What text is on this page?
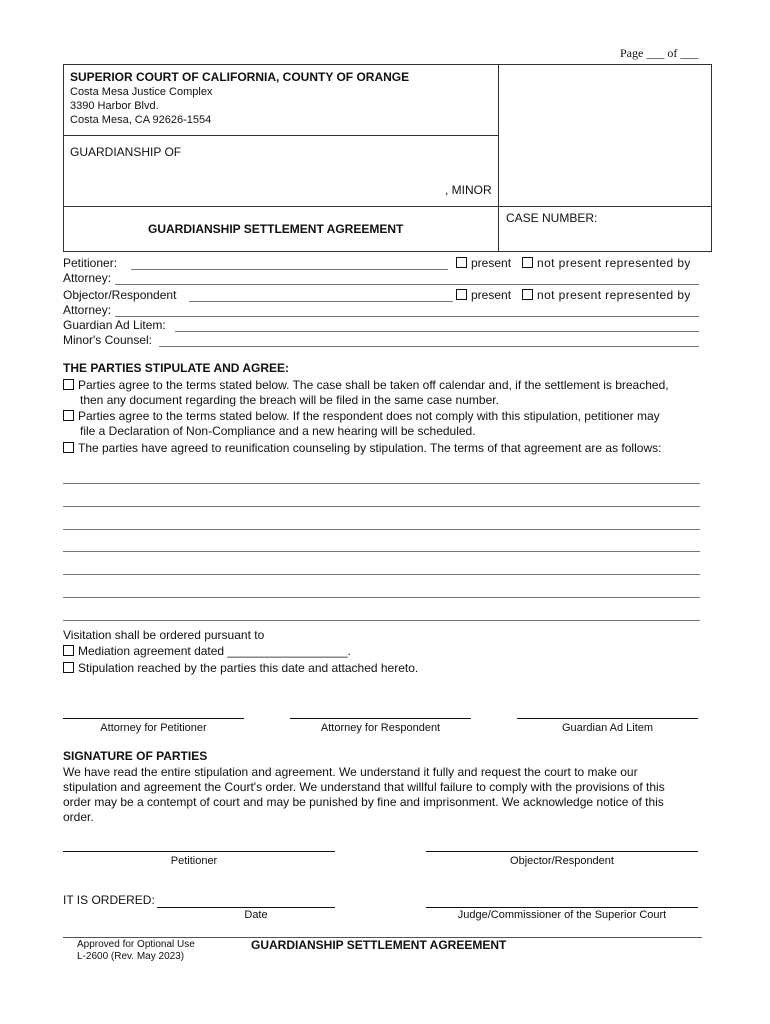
Page ___ of ___
SUPERIOR COURT OF CALIFORNIA, COUNTY OF ORANGE
Costa Mesa Justice Complex
3390 Harbor Blvd.
Costa Mesa, CA 92626-1554
GUARDIANSHIP OF
, MINOR
GUARDIANSHIP SETTLEMENT AGREEMENT
CASE NUMBER:
Petitioner:	present	not present represented by
Attorney:
Objector/Respondent	present	not present represented by
Attorney:
Guardian Ad Litem:
Minor's Counsel:
THE PARTIES STIPULATE AND AGREE:
Parties agree to the terms stated below. The case shall be taken off calendar and, if the settlement is breached,
then any document regarding the breach will be filed in the same case number.
Parties agree to the terms stated below. If the respondent does not comply with this stipulation, petitioner may
file a Declaration of Non-Compliance and a new hearing will be scheduled.
The parties have agreed to reunification counseling by stipulation. The terms of that agreement are as follows:
Visitation shall be ordered pursuant to
Mediation agreement dated __________________.
Stipulation reached by the parties this date and attached hereto.
Attorney for Petitioner	Attorney for Respondent	Guardian Ad Litem
SIGNATURE OF PARTIES
We have read the entire stipulation and agreement. We understand it fully and request the court to make our
stipulation and agreement the Court's order. We understand that willful failure to comply with the provisions of this
order may be a contempt of court and may be punished by fine and imprisonment. We acknowledge notice of this
order.
Petitioner	Objector/Respondent
IT IS ORDERED:
Date	Judge/Commissioner of the Superior Court
Approved for Optional Use
L-2600 (Rev. May 2023)
GUARDIANSHIP SETTLEMENT AGREEMENT
